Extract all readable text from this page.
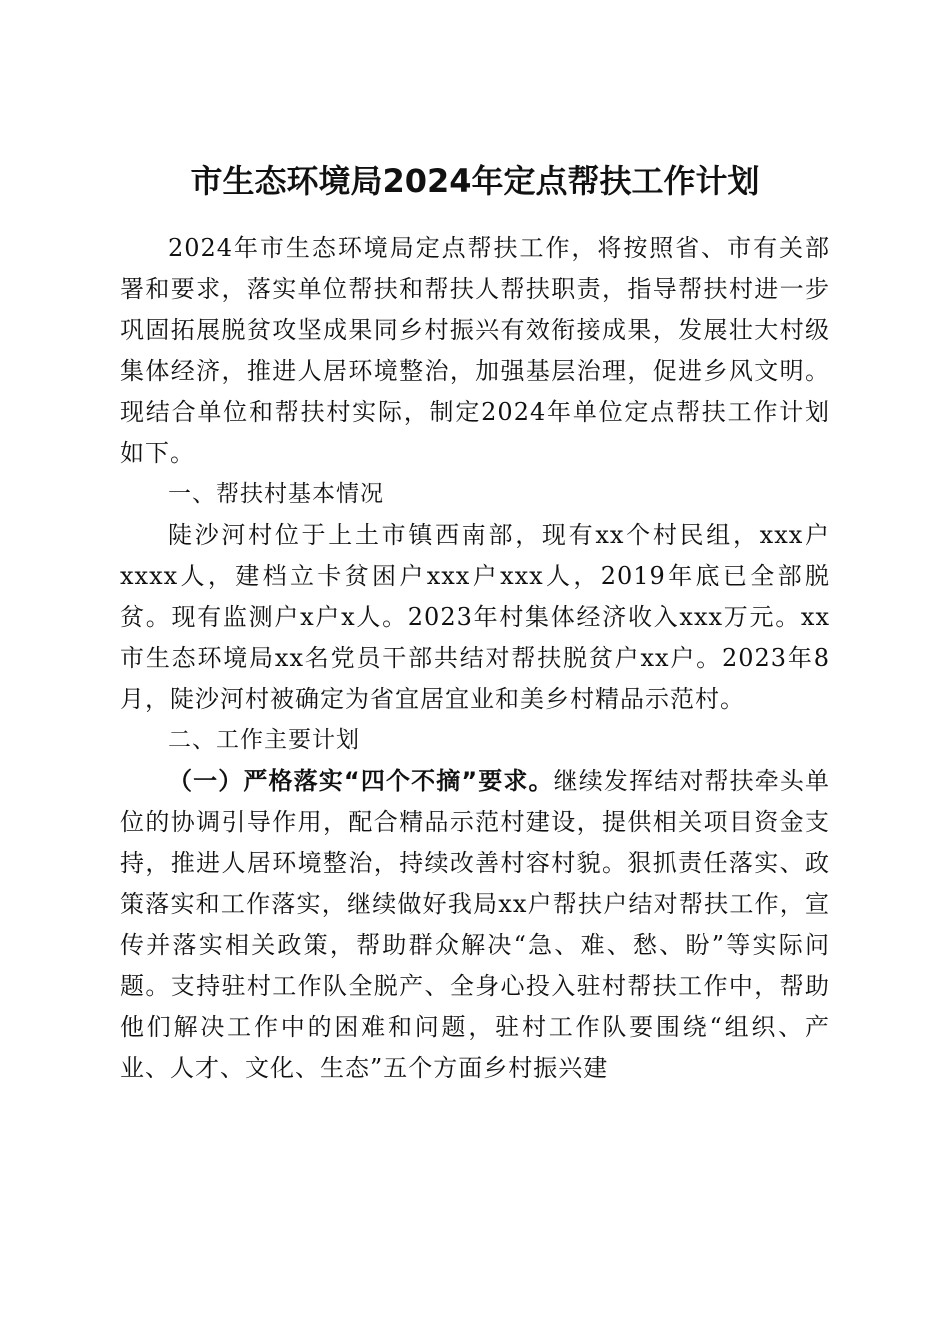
市生态环境局2024年定点帮扶工作计划

2024年市生态环境局定点帮扶工作，将按照省、市有关部署和要求，落实单位帮扶和帮扶人帮扶职责，指导帮扶村进一步巩固拓展脱贫攻坚成果同乡村振兴有效衔接成果，发展壮大村级集体经济，推进人居环境整治，加强基层治理，促进乡风文明。现结合单位和帮扶村实际，制定2024年单位定点帮扶工作计划如下。

一、帮扶村基本情况

陡沙河村位于上土市镇西南部，现有xx个村民组，xxx户xxxx人，建档立卡贫困户xxx户xxx人，2019年底已全部脱贫。现有监测户x户x人。2023年村集体经济收入xxx万元。xx市生态环境局xx名党员干部共结对帮扶脱贫户xx户。2023年8月，陡沙河村被确定为省宜居宜业和美乡村精品示范村。

二、工作主要计划

（一）严格落实“四个不摘”要求。继续发挥结对帮扶牵头单位的协调引导作用，配合精品示范村建设，提供相关项目资金支持，推进人居环境整治，持续改善村容村貌。狠抓责任落实、政策落实和工作落实，继续做好我局xx户帮扶户结对帮扶工作，宣传并落实相关政策，帮助群众解决“急、难、愁、盼”等实际问题。支持驻村工作队全脱产、全身心投入驻村帮扶工作中，帮助他们解决工作中的困难和问题，驻村工作队要围绕“组织、产业、人才、文化、生态”五个方面乡村振兴建
